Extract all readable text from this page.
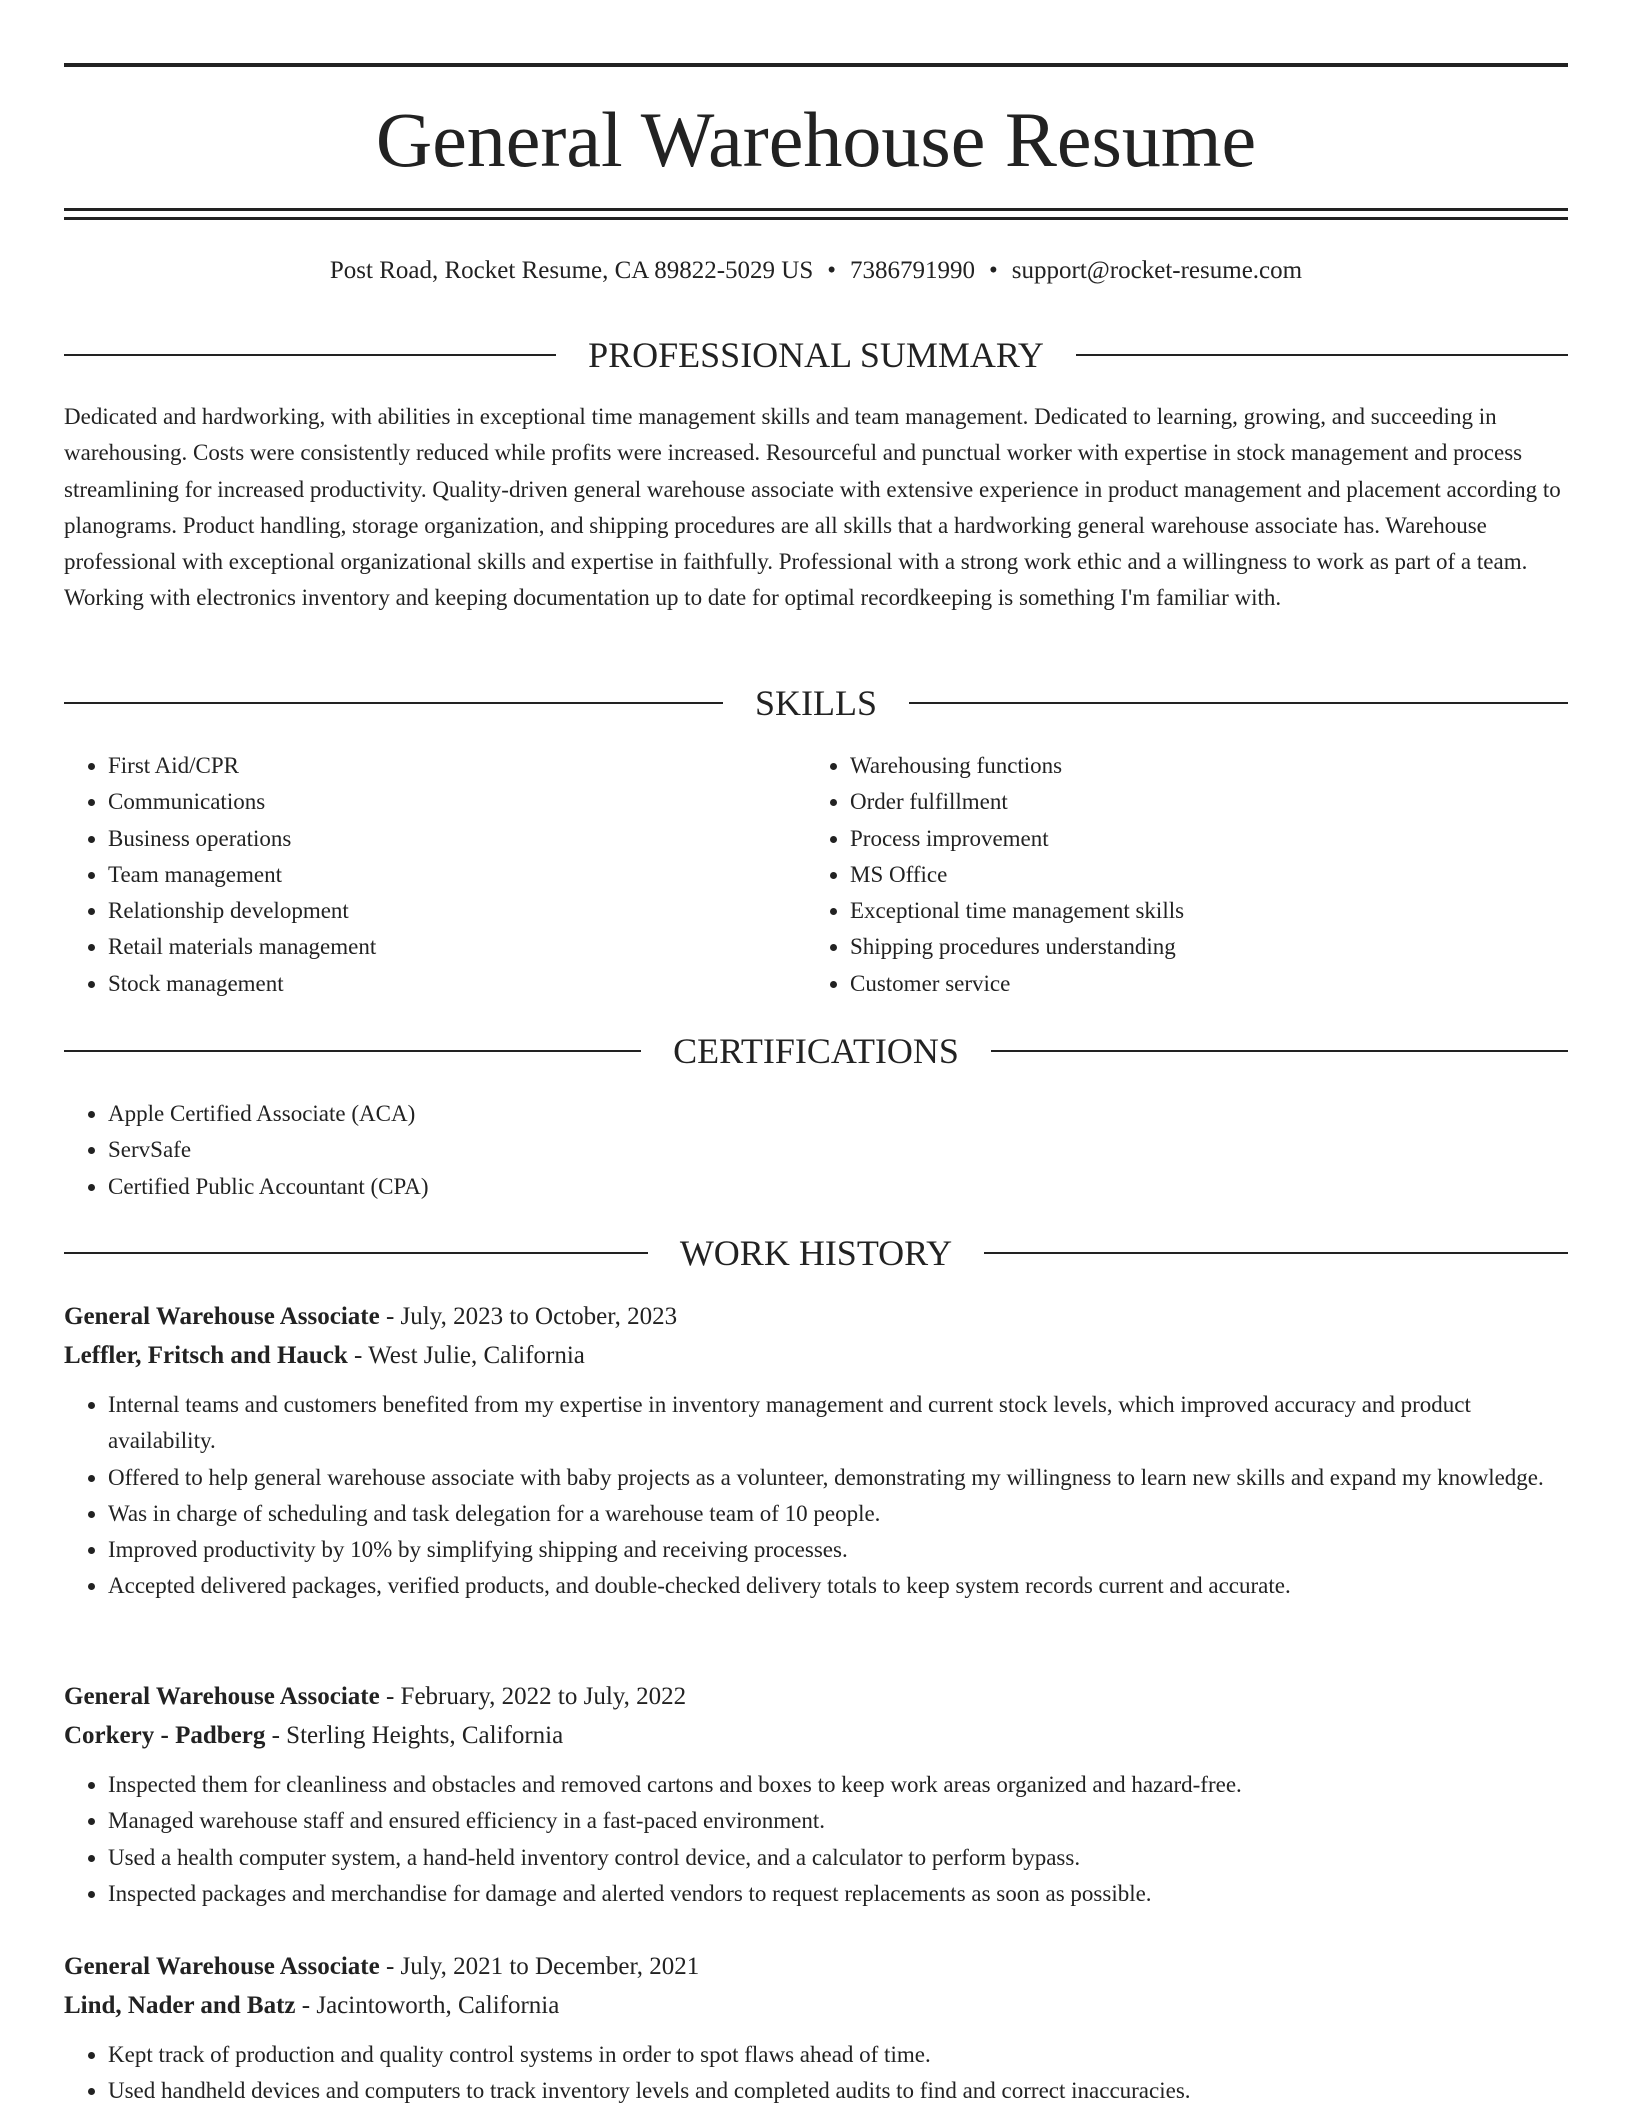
General Warehouse Resume
Post Road, Rocket Resume, CA 89822-5029 US • 7386791990 • support@rocket-resume.com
PROFESSIONAL SUMMARY

Dedicated and hardworking, with abilities in exceptional time management skills and team management. Dedicated to learning, growing, and succeeding in warehousing. Costs were consistently reduced while profits were increased. Resourceful and punctual worker with expertise in stock management and process streamlining for increased productivity. Quality-driven general warehouse associate with extensive experience in product management and placement according to planograms. Product handling, storage organization, and shipping procedures are all skills that a hardworking general warehouse associate has. Warehouse professional with exceptional organizational skills and expertise in faithfully. Professional with a strong work ethic and a willingness to work as part of a team. Working with electronics inventory and keeping documentation up to date for optimal recordkeeping is something I'm familiar with.

SKILLS
• First Aid/CPR
• Communications
• Business operations
• Team management
• Relationship development
• Retail materials management
• Stock management
• Warehousing functions
• Order fulfillment
• Process improvement
• MS Office
• Exceptional time management skills
• Shipping procedures understanding
• Customer service
CERTIFICATIONS
• Apple Certified Associate (ACA)
• ServSafe
• Certified Public Accountant (CPA)
WORK HISTORY
General Warehouse Associate - July, 2023 to October, 2023
Leffler, Fritsch and Hauck - West Julie, California
• Internal teams and customers benefited from my expertise in inventory management and current stock levels, which improved accuracy and product availability.
• Offered to help general warehouse associate with baby projects as a volunteer, demonstrating my willingness to learn new skills and expand my knowledge.
• Was in charge of scheduling and task delegation for a warehouse team of 10 people.
• Improved productivity by 10% by simplifying shipping and receiving processes.
• Accepted delivered packages, verified products, and double-checked delivery totals to keep system records current and accurate.
General Warehouse Associate - February, 2022 to July, 2022
Corkery - Padberg - Sterling Heights, California
• Inspected them for cleanliness and obstacles and removed cartons and boxes to keep work areas organized and hazard-free.
• Managed warehouse staff and ensured efficiency in a fast-paced environment.
• Used a health computer system, a hand-held inventory control device, and a calculator to perform bypass.
• Inspected packages and merchandise for damage and alerted vendors to request replacements as soon as possible.
General Warehouse Associate - July, 2021 to December, 2021
Lind, Nader and Batz - Jacintoworth, California
• Kept track of production and quality control systems in order to spot flaws ahead of time.
• Used handheld devices and computers to track inventory levels and completed audits to find and correct inaccuracies.
